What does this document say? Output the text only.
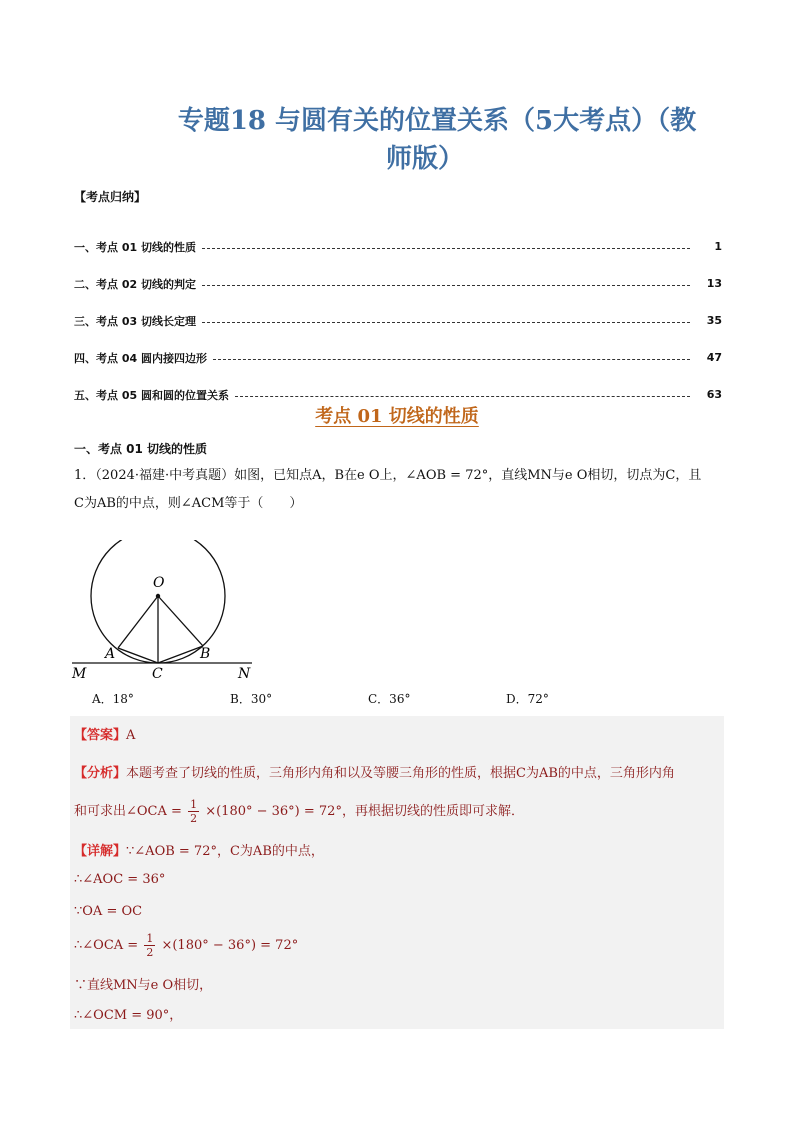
专题18 与圆有关的位置关系（5大考点）（教
师版）
【考点归纳】
一、考点 01 切线的性质	1
二、考点 02 切线的判定	13
三、考点 03 切线长定理	35
四、考点 04 圆内接四边形	47
五、考点 05 圆和圆的位置关系	63
考点 01 切线的性质
一、考点 01 切线的性质
1．（2024·福建·中考真题）如图，已知点A，B在e O上，∠AOB = 72°，直线MN与e O相切，切点为C，且
C为AB的中点，则∠ACM等于（　　）
O
A	B
C
M	N
A．18°	B．30°	C．36°	D．72°
【答案】A
【分析】本题考查了切线的性质，三角形内角和以及等腰三角形的性质，根据C为AB的中点，三角形内角
和可求出∠OCA = $\frac{1}{2} \times(180^\circ - 36^\circ) = 72^\circ$，再根据切线的性质即可求解．
【详解】∵∠AOB = 72°，C为AB的中点，
∴∠AOC = 36°
∵OA = OC
∴∠OCA = $\frac{1}{2} \times(180^\circ - 36^\circ) = 72^\circ$
∵直线MN与e O相切，
∴∠OCM = 90°，
